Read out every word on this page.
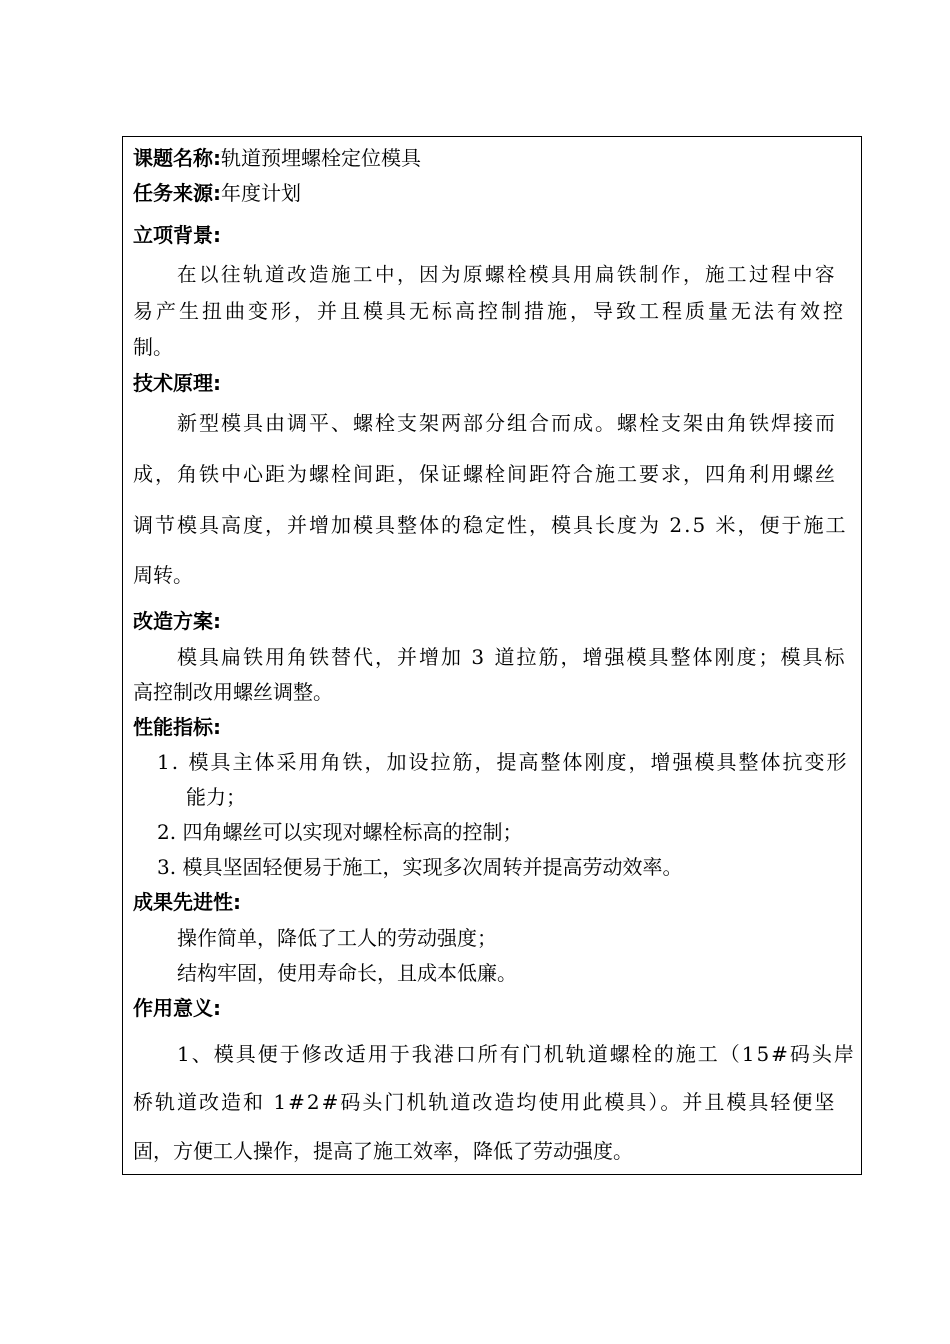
课题名称:轨道预埋螺栓定位模具
任务来源:年度计划
立项背景:
在以往轨道改造施工中，因为原螺栓模具用扁铁制作，施工过程中容
易产生扭曲变形，并且模具无标高控制措施，导致工程质量无法有效控
制。
技术原理:
新型模具由调平、螺栓支架两部分组合而成。螺栓支架由角铁焊接而
成，角铁中心距为螺栓间距，保证螺栓间距符合施工要求，四角利用螺丝
调节模具高度，并增加模具整体的稳定性，模具长度为 2.5 米，便于施工
周转。
改造方案:
模具扁铁用角铁替代，并增加 3 道拉筋，增强模具整体刚度；模具标
高控制改用螺丝调整。
性能指标:
1. 模具主体采用角铁，加设拉筋，提高整体刚度，增强模具整体抗变形
能力；
2. 四角螺丝可以实现对螺栓标高的控制；
3. 模具坚固轻便易于施工，实现多次周转并提高劳动效率。
成果先进性:
操作简单，降低了工人的劳动强度；
结构牢固，使用寿命长，且成本低廉。
作用意义:
1、模具便于修改适用于我港口所有门机轨道螺栓的施工（15#码头岸
桥轨道改造和 1#2#码头门机轨道改造均使用此模具）。并且模具轻便坚
固，方便工人操作，提高了施工效率，降低了劳动强度。
